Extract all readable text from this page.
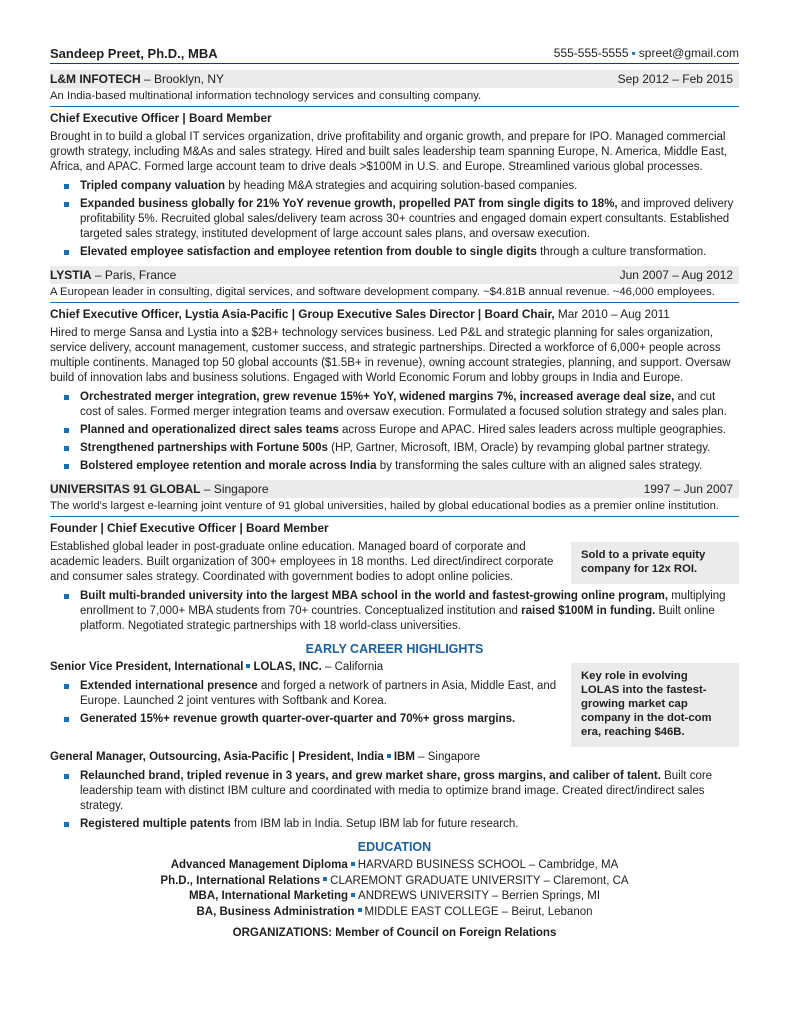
Sandeep Preet, Ph.D., MBA	555-555-5555 ▪ spreet@gmail.com
L&M INFOTECH – Brooklyn, NY	Sep 2012 – Feb 2015
An India-based multinational information technology services and consulting company.
Chief Executive Officer | Board Member
Brought in to build a global IT services organization, drive profitability and organic growth, and prepare for IPO. Managed commercial growth strategy, including M&As and sales strategy. Hired and built sales leadership team spanning Europe, N. America, Middle East, Africa, and APAC. Formed large account team to drive deals >$100M in U.S. and Europe. Streamlined various global processes.
Tripled company valuation by heading M&A strategies and acquiring solution-based companies.
Expanded business globally for 21% YoY revenue growth, propelled PAT from single digits to 18%, and improved delivery profitability 5%. Recruited global sales/delivery team across 30+ countries and engaged domain expert consultants. Established targeted sales strategy, instituted development of large account sales plans, and oversaw execution.
Elevated employee satisfaction and employee retention from double to single digits through a culture transformation.
LYSTIA – Paris, France	Jun 2007 – Aug 2012
A European leader in consulting, digital services, and software development company. ~$4.81B annual revenue. ~46,000 employees.
Chief Executive Officer, Lystia Asia-Pacific | Group Executive Sales Director | Board Chair, Mar 2010 – Aug 2011
Hired to merge Sansa and Lystia into a $2B+ technology services business. Led P&L and strategic planning for sales organization, service delivery, account management, customer success, and strategic partnerships. Directed a workforce of 6,000+ people across multiple continents. Managed top 50 global accounts ($1.5B+ in revenue), owning account strategies, planning, and support. Oversaw build of innovation labs and business solutions. Engaged with World Economic Forum and lobby groups in India and Europe.
Orchestrated merger integration, grew revenue 15%+ YoY, widened margins 7%, increased average deal size, and cut cost of sales. Formed merger integration teams and oversaw execution. Formulated a focused solution strategy and sales plan.
Planned and operationalized direct sales teams across Europe and APAC. Hired sales leaders across multiple geographies.
Strengthened partnerships with Fortune 500s (HP, Gartner, Microsoft, IBM, Oracle) by revamping global partner strategy.
Bolstered employee retention and morale across India by transforming the sales culture with an aligned sales strategy.
UNIVERSITAS 91 GLOBAL – Singapore	1997 – Jun 2007
The world's largest e-learning joint venture of 91 global universities, hailed by global educational bodies as a premier online institution.
Founder | Chief Executive Officer | Board Member
Established global leader in post-graduate online education. Managed board of corporate and academic leaders. Built organization of 300+ employees in 18 months. Led direct/indirect corporate and consumer sales strategy. Coordinated with government bodies to adopt online policies.
Sold to a private equity company for 12x ROI.
Built multi-branded university into the largest MBA school in the world and fastest-growing online program, multiplying enrollment to 7,000+ MBA students from 70+ countries. Conceptualized institution and raised $100M in funding. Built online platform. Negotiated strategic partnerships with 18 world-class universities.
EARLY CAREER HIGHLIGHTS
Senior Vice President, International LOLAS, INC. – California
Extended international presence and forged a network of partners in Asia, Middle East, and Europe. Launched 2 joint ventures with Softbank and Korea.
Generated 15%+ revenue growth quarter-over-quarter and 70%+ gross margins.
Key role in evolving LOLAS into the fastest-growing market cap company in the dot-com era, reaching $46B.
General Manager, Outsourcing, Asia-Pacific | President, India IBM – Singapore
Relaunched brand, tripled revenue in 3 years, and grew market share, gross margins, and caliber of talent. Built core leadership team with distinct IBM culture and coordinated with media to optimize brand image. Created direct/indirect sales strategy.
Registered multiple patents from IBM lab in India. Setup IBM lab for future research.
EDUCATION
Advanced Management Diploma HARVARD BUSINESS SCHOOL – Cambridge, MA
Ph.D., International Relations CLAREMONT GRADUATE UNIVERSITY – Claremont, CA
MBA, International Marketing ANDREWS UNIVERSITY – Berrien Springs, MI
BA, Business Administration MIDDLE EAST COLLEGE – Beirut, Lebanon
ORGANIZATIONS: Member of Council on Foreign Relations
